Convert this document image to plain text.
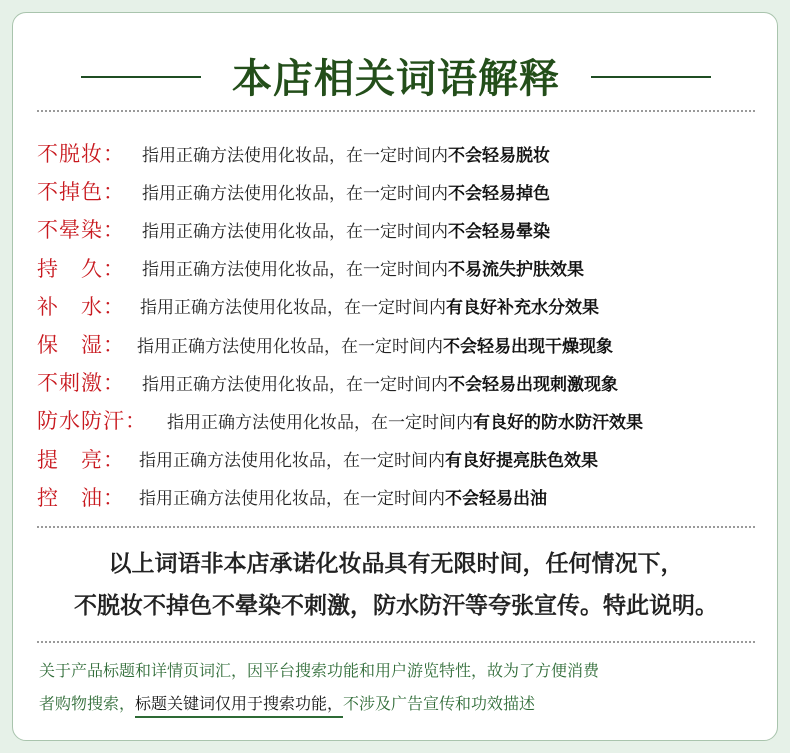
本店相关词语解释
不脱妆：	指用正确方法使用化妆品，在一定时间内不会轻易脱妆
不掉色：	指用正确方法使用化妆品，在一定时间内不会轻易掉色
不晕染：	指用正确方法使用化妆品，在一定时间内不会轻易晕染
持　久：	指用正确方法使用化妆品，在一定时间内不易流失护肤效果
补　水： 指用正确方法使用化妆品，在一定时间内有良好补充水分效果
保　湿： 指用正确方法使用化妆品，在一定时间内不会轻易出现干燥现象
不刺激：	指用正确方法使用化妆品，在一定时间内不会轻易出现刺激现象
防水防汗：	指用正确方法使用化妆品，在一定时间内有良好的防水防汗效果
提　亮： 指用正确方法使用化妆品，在一定时间内有良好提亮肤色效果
控　油： 指用正确方法使用化妆品，在一定时间内不会轻易出油
以上词语非本店承诺化妆品具有无限时间，任何情况下，
不脱妆不掉色不晕染不刺激，防水防汗等夸张宣传。特此说明。
关于产品标题和详情页词汇，因平台搜索功能和用户游览特性，故为了方便消费
者购物搜索，标题关键词仅用于搜索功能，不涉及广告宣传和功效描述
